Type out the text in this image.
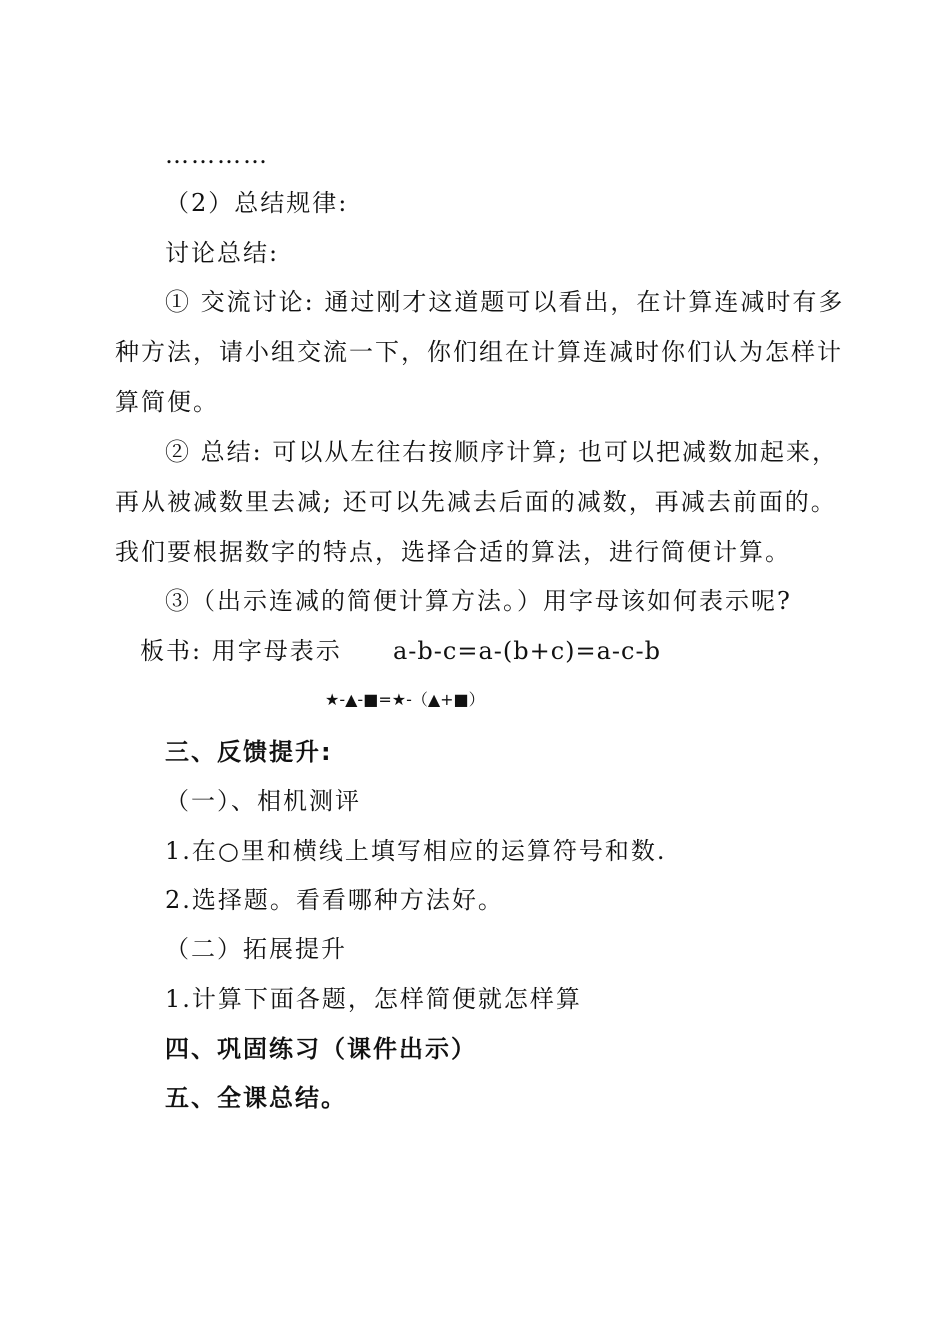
…………
（2）总结规律:
讨论总结:
① 交流讨论: 通过刚才这道题可以看出，在计算连减时有多
种方法，请小组交流一下，你们组在计算连减时你们认为怎样计
算简便。
② 总结: 可以从左往右按顺序计算; 也可以把减数加起来，
再从被减数里去减; 还可以先减去后面的减数，再减去前面的。
我们要根据数字的特点，选择合适的算法，进行简便计算。
③（出示连减的简便计算方法。）用字母该如何表示呢?
板书: 用字母表示 a-b-c=a-(b+c)=a-c-b
★-▲-■=★-（▲+■）
三、反馈提升:
（一）、相机测评
1.在○里和横线上填写相应的运算符号和数.
2.选择题。看看哪种方法好。
（二）拓展提升
1.计算下面各题，怎样简便就怎样算
四、巩固练习（课件出示）
五、全课总结。
